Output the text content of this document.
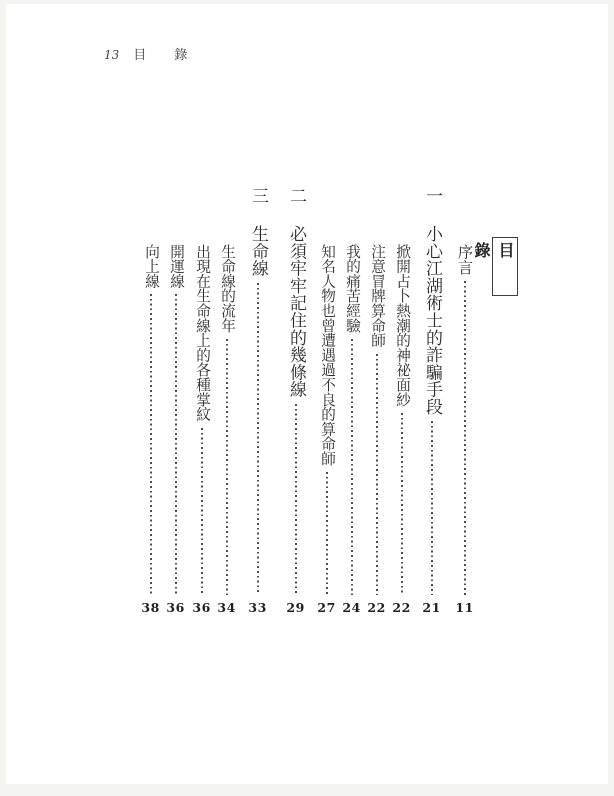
13 目 錄
目錄
序言
11
一
小心江湖術士的詐騙手段
21
掀開占卜熱潮的神祕面紗
22
注意冒牌算命師
22
我的痛苦經驗
24
知名人物也曾遭遇過不良的算命師
27
二
必須牢牢記住的幾條線
29
三
生命線
33
生命線的流年
34
出現在生命線上的各種掌紋
36
開運線
36
向上線
38
